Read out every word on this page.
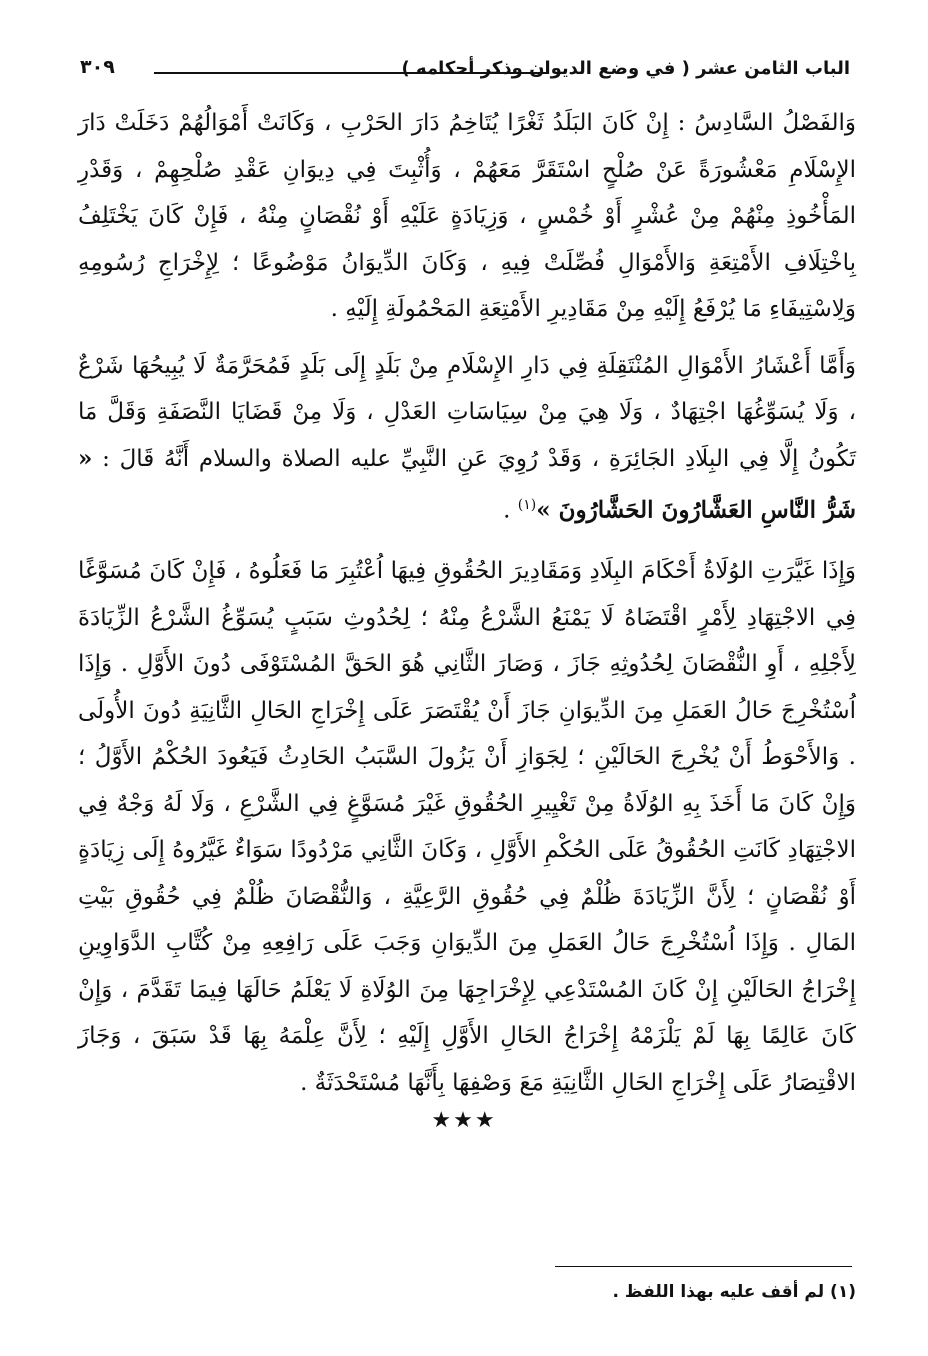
الباب الثامن عشر ( في وضع الديوان وذكر أحكامه )
٣٠٩

وَالفَصْلُ السَّادِسُ : إِنْ كَانَ البَلَدُ ثَغْرًا يُتَاخِمُ دَارَ الحَرْبِ ، وَكَانَتْ أَمْوَالُهُمْ دَخَلَتْ دَارَ الإِسْلَامِ مَعْشُورَةً عَنْ صُلْحٍ اسْتَقَرَّ مَعَهُمْ ، وَأُثْبِتَ فِي دِيوَانِ عَقْدِ صُلْحِهِمْ ، وَقَدْرِ المَأْخُوذِ مِنْهُمْ مِنْ عُشْرٍ أَوْ خُمْسٍ ، وَزِيَادَةٍ عَلَيْهِ أَوْ نُقْصَانٍ مِنْهُ ، فَإِنْ كَانَ يَخْتَلِفُ بِاخْتِلَافِ الأَمْتِعَةِ وَالأَمْوَالِ فُصِّلَتْ فِيهِ ، وَكَانَ الدِّيوَانُ مَوْضُوعًا ؛ لِإِخْرَاجِ رُسُومِهِ وَلِاسْتِيفَاءِ مَا يُرْفَعُ إِلَيْهِ مِنْ مَقَادِيرِ الأَمْتِعَةِ المَحْمُولَةِ إِلَيْهِ .

وَأَمَّا أَعْشَارُ الأَمْوَالِ المُنْتَقِلَةِ فِي دَارِ الإِسْلَامِ مِنْ بَلَدٍ إِلَى بَلَدٍ فَمُحَرَّمَةٌ لَا يُبِيحُهَا شَرْعٌ ، وَلَا يُسَوِّغُهَا اجْتِهَادٌ ، وَلَا هِيَ مِنْ سِيَاسَاتِ العَدْلِ ، وَلَا مِنْ قَضَايَا النَّصَفَةِ وَقَلَّ مَا تَكُونُ إِلَّا فِي البِلَادِ الجَائِرَةِ ، وَقَدْ رُوِيَ عَنِ النَّبِيِّ عليه الصلاة والسلام أَنَّهُ قَالَ : « شَرُّ النَّاسِ العَشَّارُونَ الحَشَّارُونَ »$^{(١)}$ .

وَإِذَا غَيَّرَتِ الوُلَاةُ أَحْكَامَ البِلَادِ وَمَقَادِيرَ الحُقُوقِ فِيهَا اُعْتُبِرَ مَا فَعَلُوهُ ، فَإِنْ كَانَ مُسَوَّغًا فِي الاجْتِهَادِ لِأَمْرٍ اقْتَضَاهُ لَا يَمْنَعُ الشَّرْعُ مِنْهُ ؛ لِحُدُوثِ سَبَبٍ يُسَوِّغُ الشَّرْعُ الزِّيَادَةَ لِأَجْلِهِ ، أَوِ النُّقْصَانَ لِحُدُوثِهِ جَازَ ، وَصَارَ الثَّانِي هُوَ الحَقَّ المُسْتَوْفَى دُونَ الأَوَّلِ . وَإِذَا اُسْتُخْرِجَ حَالُ العَمَلِ مِنَ الدِّيوَانِ جَازَ أَنْ يُقْتَصَرَ عَلَى إِخْرَاجِ الحَالِ الثَّانِيَةِ دُونَ الأُولَى . وَالأَحْوَطُ أَنْ يُخْرِجَ الحَالَيْنِ ؛ لِجَوَازِ أَنْ يَزُولَ السَّبَبُ الحَادِثُ فَيَعُودَ الحُكْمُ الأَوَّلُ ؛ وَإِنْ كَانَ مَا أَخَذَ بِهِ الوُلَاةُ مِنْ تَغْيِيرِ الحُقُوقِ غَيْرَ مُسَوَّغٍ فِي الشَّرْعِ ، وَلَا لَهُ وَجْهٌ فِي الاجْتِهَادِ كَانَتِ الحُقُوقُ عَلَى الحُكْمِ الأَوَّلِ ، وَكَانَ الثَّانِي مَرْدُودًا سَوَاءٌ غَيَّرُوهُ إِلَى زِيَادَةٍ أَوْ نُقْصَانٍ ؛ لِأَنَّ الزِّيَادَةَ ظُلْمٌ فِي حُقُوقِ الرَّعِيَّةِ ، وَالنُّقْصَانَ ظُلْمٌ فِي حُقُوقِ بَيْتِ المَالِ . وَإِذَا اُسْتُخْرِجَ حَالُ العَمَلِ مِنَ الدِّيوَانِ وَجَبَ عَلَى رَافِعِهِ مِنْ كُتَّابِ الدَّوَاوِينِ إِخْرَاجُ الحَالَيْنِ إِنْ كَانَ المُسْتَدْعِي لِإِخْرَاجِهَا مِنَ الوُلَاةِ لَا يَعْلَمُ حَالَهَا فِيمَا تَقَدَّمَ ، وَإِنْ كَانَ عَالِمًا بِهَا لَمْ يَلْزَمْهُ إِخْرَاجُ الحَالِ الأَوَّلِ إِلَيْهِ ؛ لِأَنَّ عِلْمَهُ بِهَا قَدْ سَبَقَ ، وَجَازَ الاقْتِصَارُ عَلَى إِخْرَاجِ الحَالِ الثَّانِيَةِ مَعَ وَصْفِهَا بِأَنَّهَا مُسْتَحْدَثَةٌ .

★★★
(١) لم أقف عليه بهذا اللفظ .
